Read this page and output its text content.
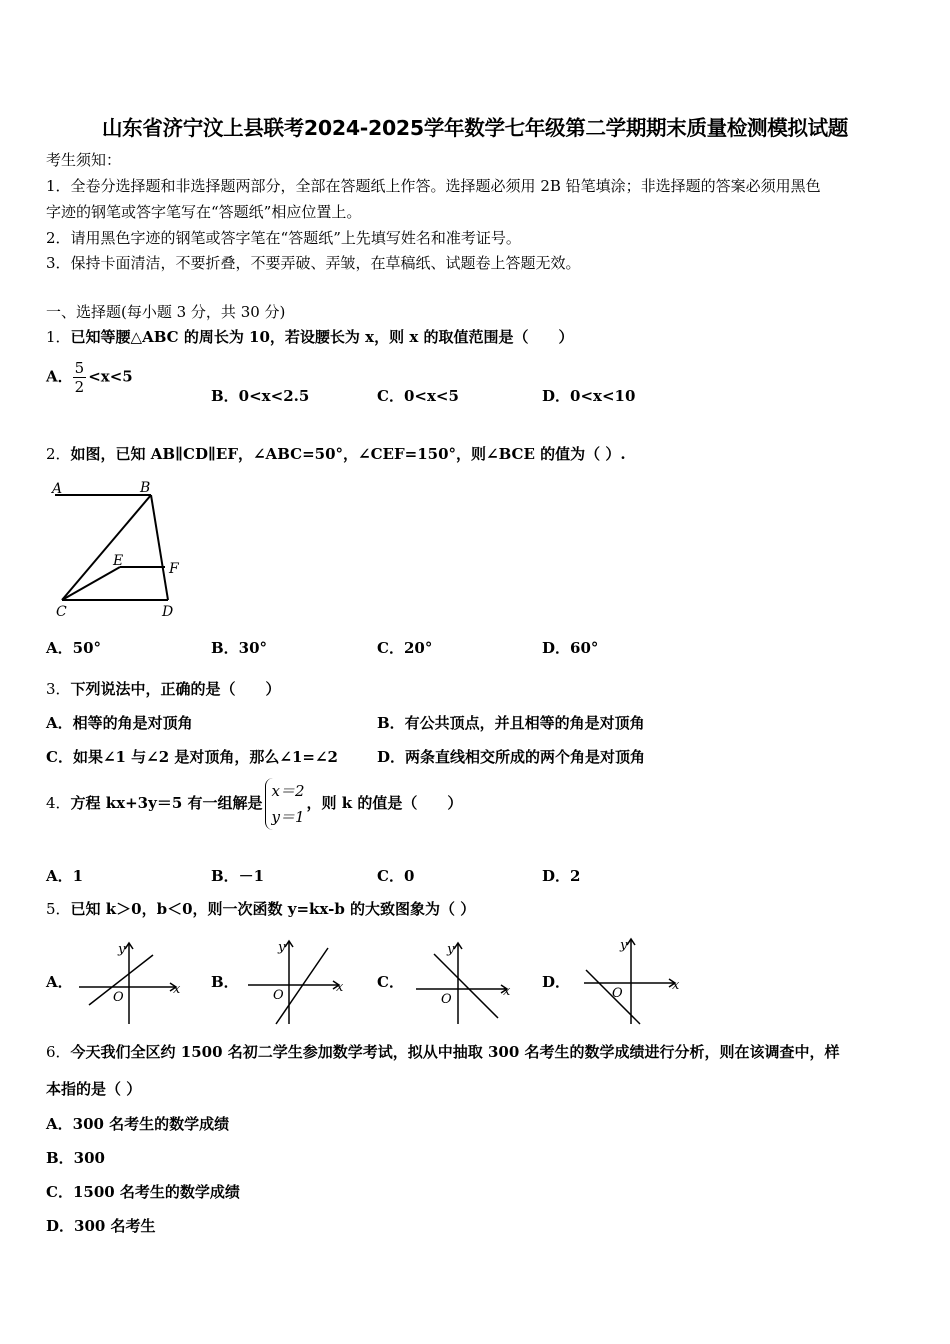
山东省济宁汶上县联考2024-2025学年数学七年级第二学期期末质量检测模拟试题
考生须知：
1．全卷分选择题和非选择题两部分，全部在答题纸上作答。选择题必须用 2B 铅笔填涂；非选择题的答案必须用黑色
字迹的钢笔或答字笔写在“答题纸”相应位置上。
2．请用黑色字迹的钢笔或答字笔在“答题纸”上先填写姓名和准考证号。
3．保持卡面清洁，不要折叠，不要弄破、弄皱，在草稿纸、试题卷上答题无效。
一、选择题(每小题 3 分，共 30 分)
1．已知等腰△ABC 的周长为 10，若设腰长为 x，则 x 的取值范围是（　　）
A． $\frac{5}{2} <x<5$
B．0<x<2.5	C．0<x<5	D．0<x<10
2．如图，已知 AB∥CD∥EF，∠ABC=50°，∠CEF=150°，则∠BCE 的值为（ ）.
A	B
C	D
E	F
A．50°	B．30°	C．20°	D．60°
3．下列说法中，正确的是（　　）
A．相等的角是对顶角	B．有公共顶点，并且相等的角是对顶角
C．如果∠1 与∠2 是对顶角，那么∠1=∠2	D．两条直线相交所成的两个角是对顶角
4．方程 kx+3y＝5 有一组解是
x＝2
y＝1
，则 k 的值是（　　）
A．1	B．－1	C．0	D．2
5．已知 k＞0，b＜0，则一次函数 y=kx-b 的大致图象为（ ）
A．
y
x
O
B．
y
x
O
C．
y
x
O
D．
y
x
O
6．今天我们全区约 1500 名初二学生参加数学考试，拟从中抽取 300 名考生的数学成绩进行分析，则在该调查中，样
本指的是（ ）
A．300 名考生的数学成绩
B．300
C．1500 名考生的数学成绩
D．300 名考生
